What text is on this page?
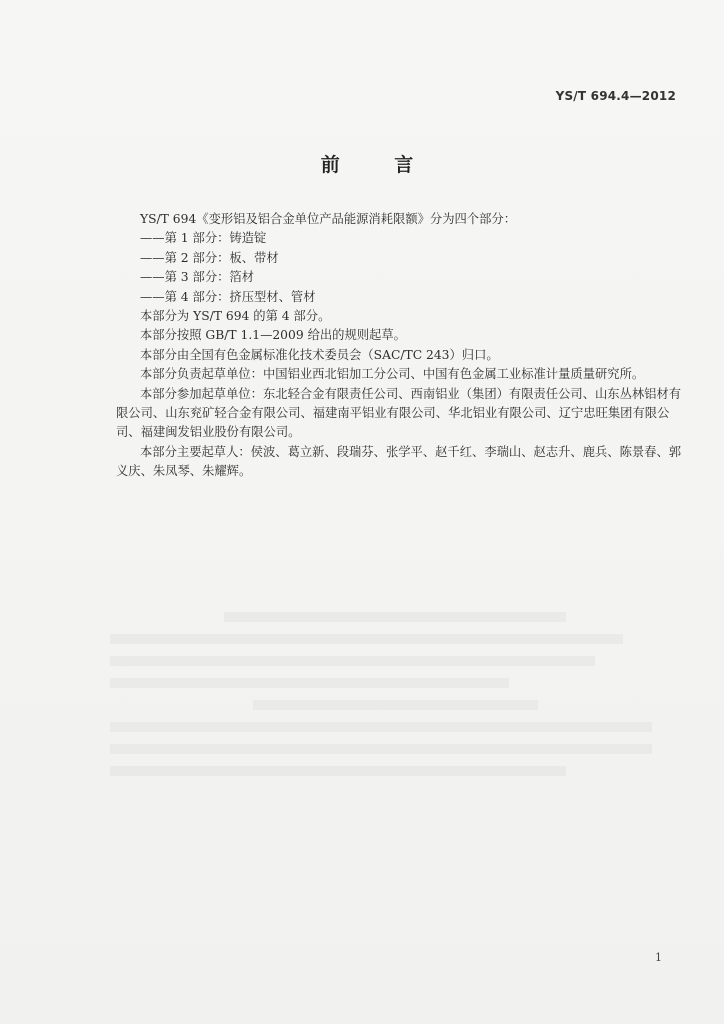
YS/T 694.4—2012
前 言

YS/T 694《变形铝及铝合金单位产品能源消耗限额》分为四个部分：

——第 1 部分：铸造锭

——第 2 部分：板、带材

——第 3 部分：箔材

——第 4 部分：挤压型材、管材

本部分为 YS/T 694 的第 4 部分。

本部分按照 GB/T 1.1—2009 给出的规则起草。

本部分由全国有色金属标准化技术委员会（SAC/TC 243）归口。

本部分负责起草单位：中国铝业西北铝加工分公司、中国有色金属工业标准计量质量研究所。

本部分参加起草单位：东北轻合金有限责任公司、西南铝业（集团）有限责任公司、山东丛林铝材有限公司、山东兖矿轻合金有限公司、福建南平铝业有限公司、华北铝业有限公司、辽宁忠旺集团有限公司、福建闽发铝业股份有限公司。

本部分主要起草人：侯波、葛立新、段瑞芬、张学平、赵千红、李瑞山、赵志升、鹿兵、陈景春、郭义庆、朱凤琴、朱耀辉。

1
